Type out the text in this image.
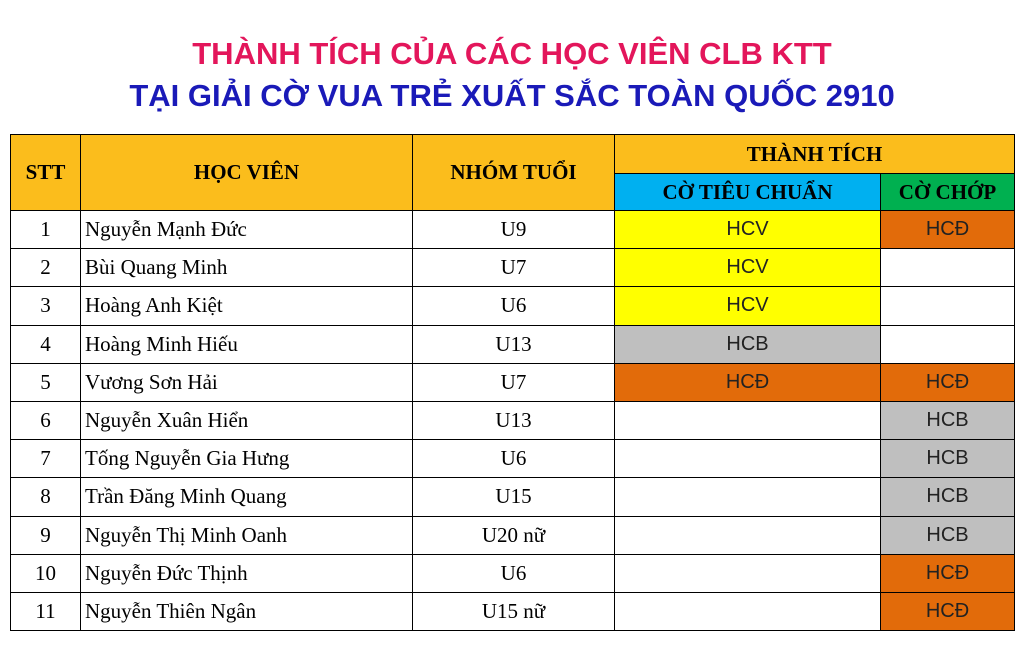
THÀNH TÍCH CỦA CÁC HỌC VIÊN CLB KTT
TẠI GIẢI CỜ VUA TRẺ XUẤT SẮC TOÀN QUỐC 2910
STT	HỌC VIÊN	NHÓM TUỔI	THÀNH TÍCH	
			CỜ TIÊU CHUẨN	CỜ CHỚP
1	Nguyễn Mạnh Đức	U9	HCV	HCĐ
2	Bùi Quang Minh	U7	HCV	
3	Hoàng Anh Kiệt	U6	HCV	
4	Hoàng Minh Hiếu	U13	HCB	
5	Vương Sơn Hải	U7	HCĐ	HCĐ
6	Nguyễn Xuân Hiển	U13		HCB
7	Tống Nguyễn Gia Hưng	U6		HCB
8	Trần Đăng Minh Quang	U15		HCB
9	Nguyễn Thị Minh Oanh	U20 nữ		HCB
10	Nguyễn Đức Thịnh	U6		HCĐ
11	Nguyễn Thiên Ngân	U15 nữ		HCĐ
